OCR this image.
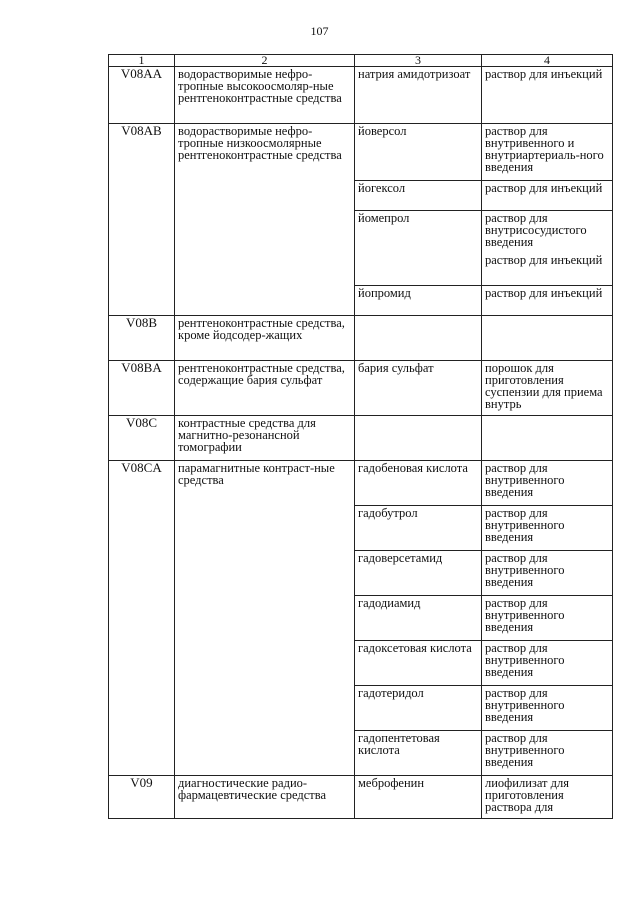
107
1	2	3	4
V08AA	водорастворимые нефро-тропные высокоосмоляр-ные рентгеноконтрастные средства	натрия амидотризоат	раствор для инъекций

V08AB	водорастворимые нефро-тропные низкоосмолярные рентгеноконтрастные средства	йоверсол	раствор для внутривенного и внутриартериаль-ного введения

		йогексол	раствор для инъекций

		йомепрол	раствор для внутрисосудистого введения
раствор для инъекций

		йопромид	раствор для инъекций

V08B	рентгеноконтрастные средства, кроме йодсодер-жащих		

V08BA	рентгеноконтрастные средства, содержащие бария сульфат	бария сульфат	порошок для приготовления суспензии для приема внутрь

V08C	контрастные средства для магнитно-резонансной томографии		

V08CA	парамагнитные контраст-ные средства	гадобеновая кислота	раствор для внутривенного введения

		гадобутрол	раствор для внутривенного введения

		гадоверсетамид	раствор для внутривенного введения

		гадодиамид	раствор для внутривенного введения

		гадоксетовая кислота	раствор для внутривенного введения

		гадотеридол	раствор для внутривенного введения

		гадопентетовая кислота	раствор для внутривенного введения

V09	диагностические радио-фармацевтические средства	меброфенин	лиофилизат для приготовления раствора для
